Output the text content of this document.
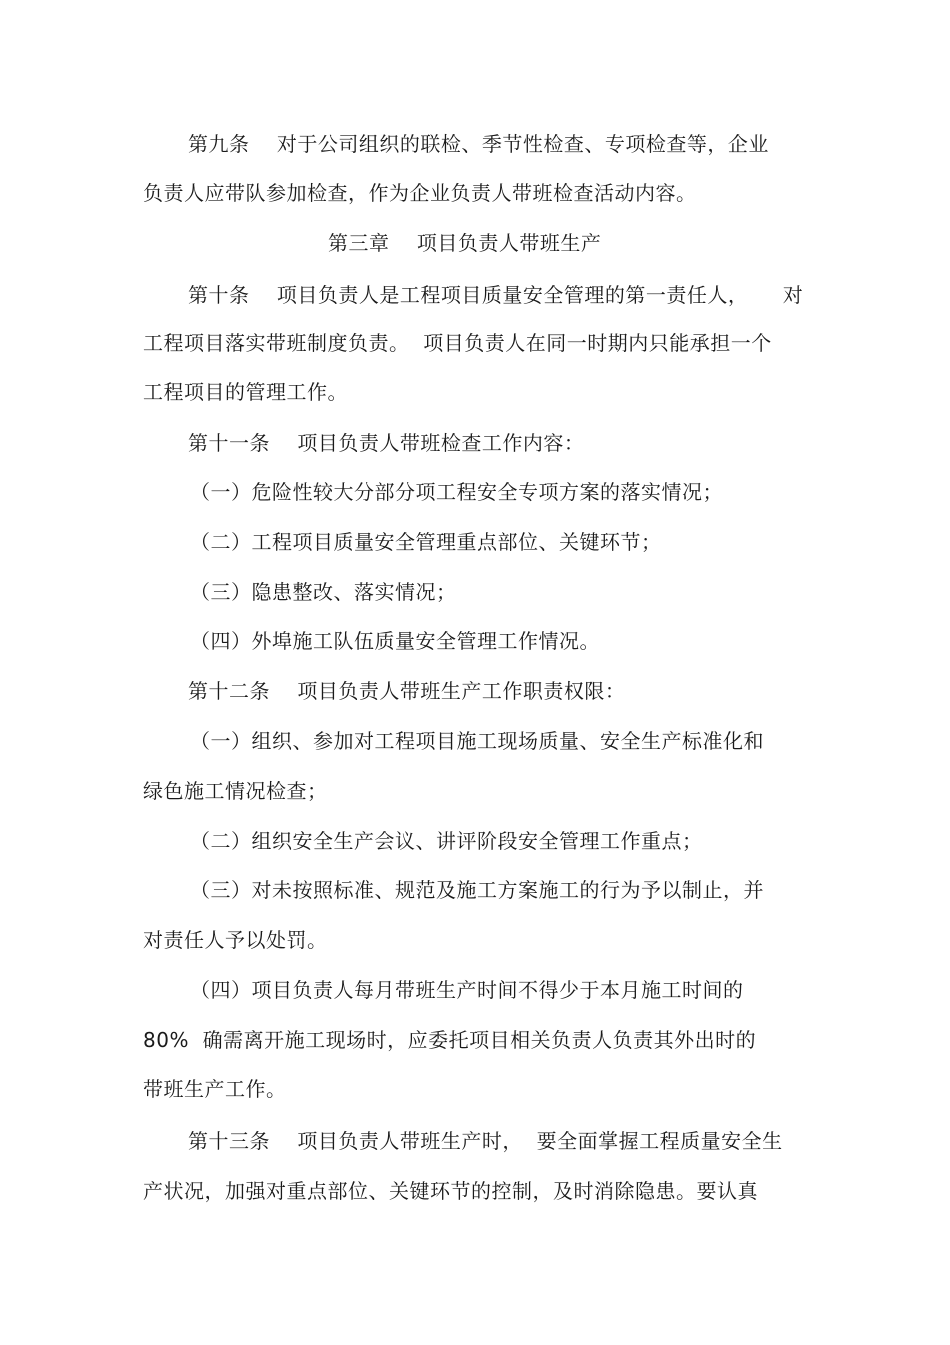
第九条    对于公司组织的联检、季节性检查、专项检查等，企业
负责人应带队参加检查，作为企业负责人带班检查活动内容。
第三章    项目负责人带班生产
第十条    项目负责人是工程项目质量安全管理的第一责任人，     对
工程项目落实带班制度负责。  项目负责人在同一时期内只能承担一个
工程项目的管理工作。
第十一条    项目负责人带班检查工作内容：
（一）危险性较大分部分项工程安全专项方案的落实情况；
（二）工程项目质量安全管理重点部位、关键环节；
（三）隐患整改、落实情况；
（四）外埠施工队伍质量安全管理工作情况。
第十二条    项目负责人带班生产工作职责权限：
（一）组织、参加对工程项目施工现场质量、安全生产标准化和
绿色施工情况检查；
（二）组织安全生产会议、讲评阶段安全管理工作重点；
（三）对未按照标准、规范及施工方案施工的行为予以制止，并
对责任人予以处罚。
（四）项目负责人每月带班生产时间不得少于本月施工时间的
80%  确需离开施工现场时，应委托项目相关负责人负责其外出时的
带班生产工作。
第十三条    项目负责人带班生产时，  要全面掌握工程质量安全生
产状况，加强对重点部位、关键环节的控制，及时消除隐患。要认真
